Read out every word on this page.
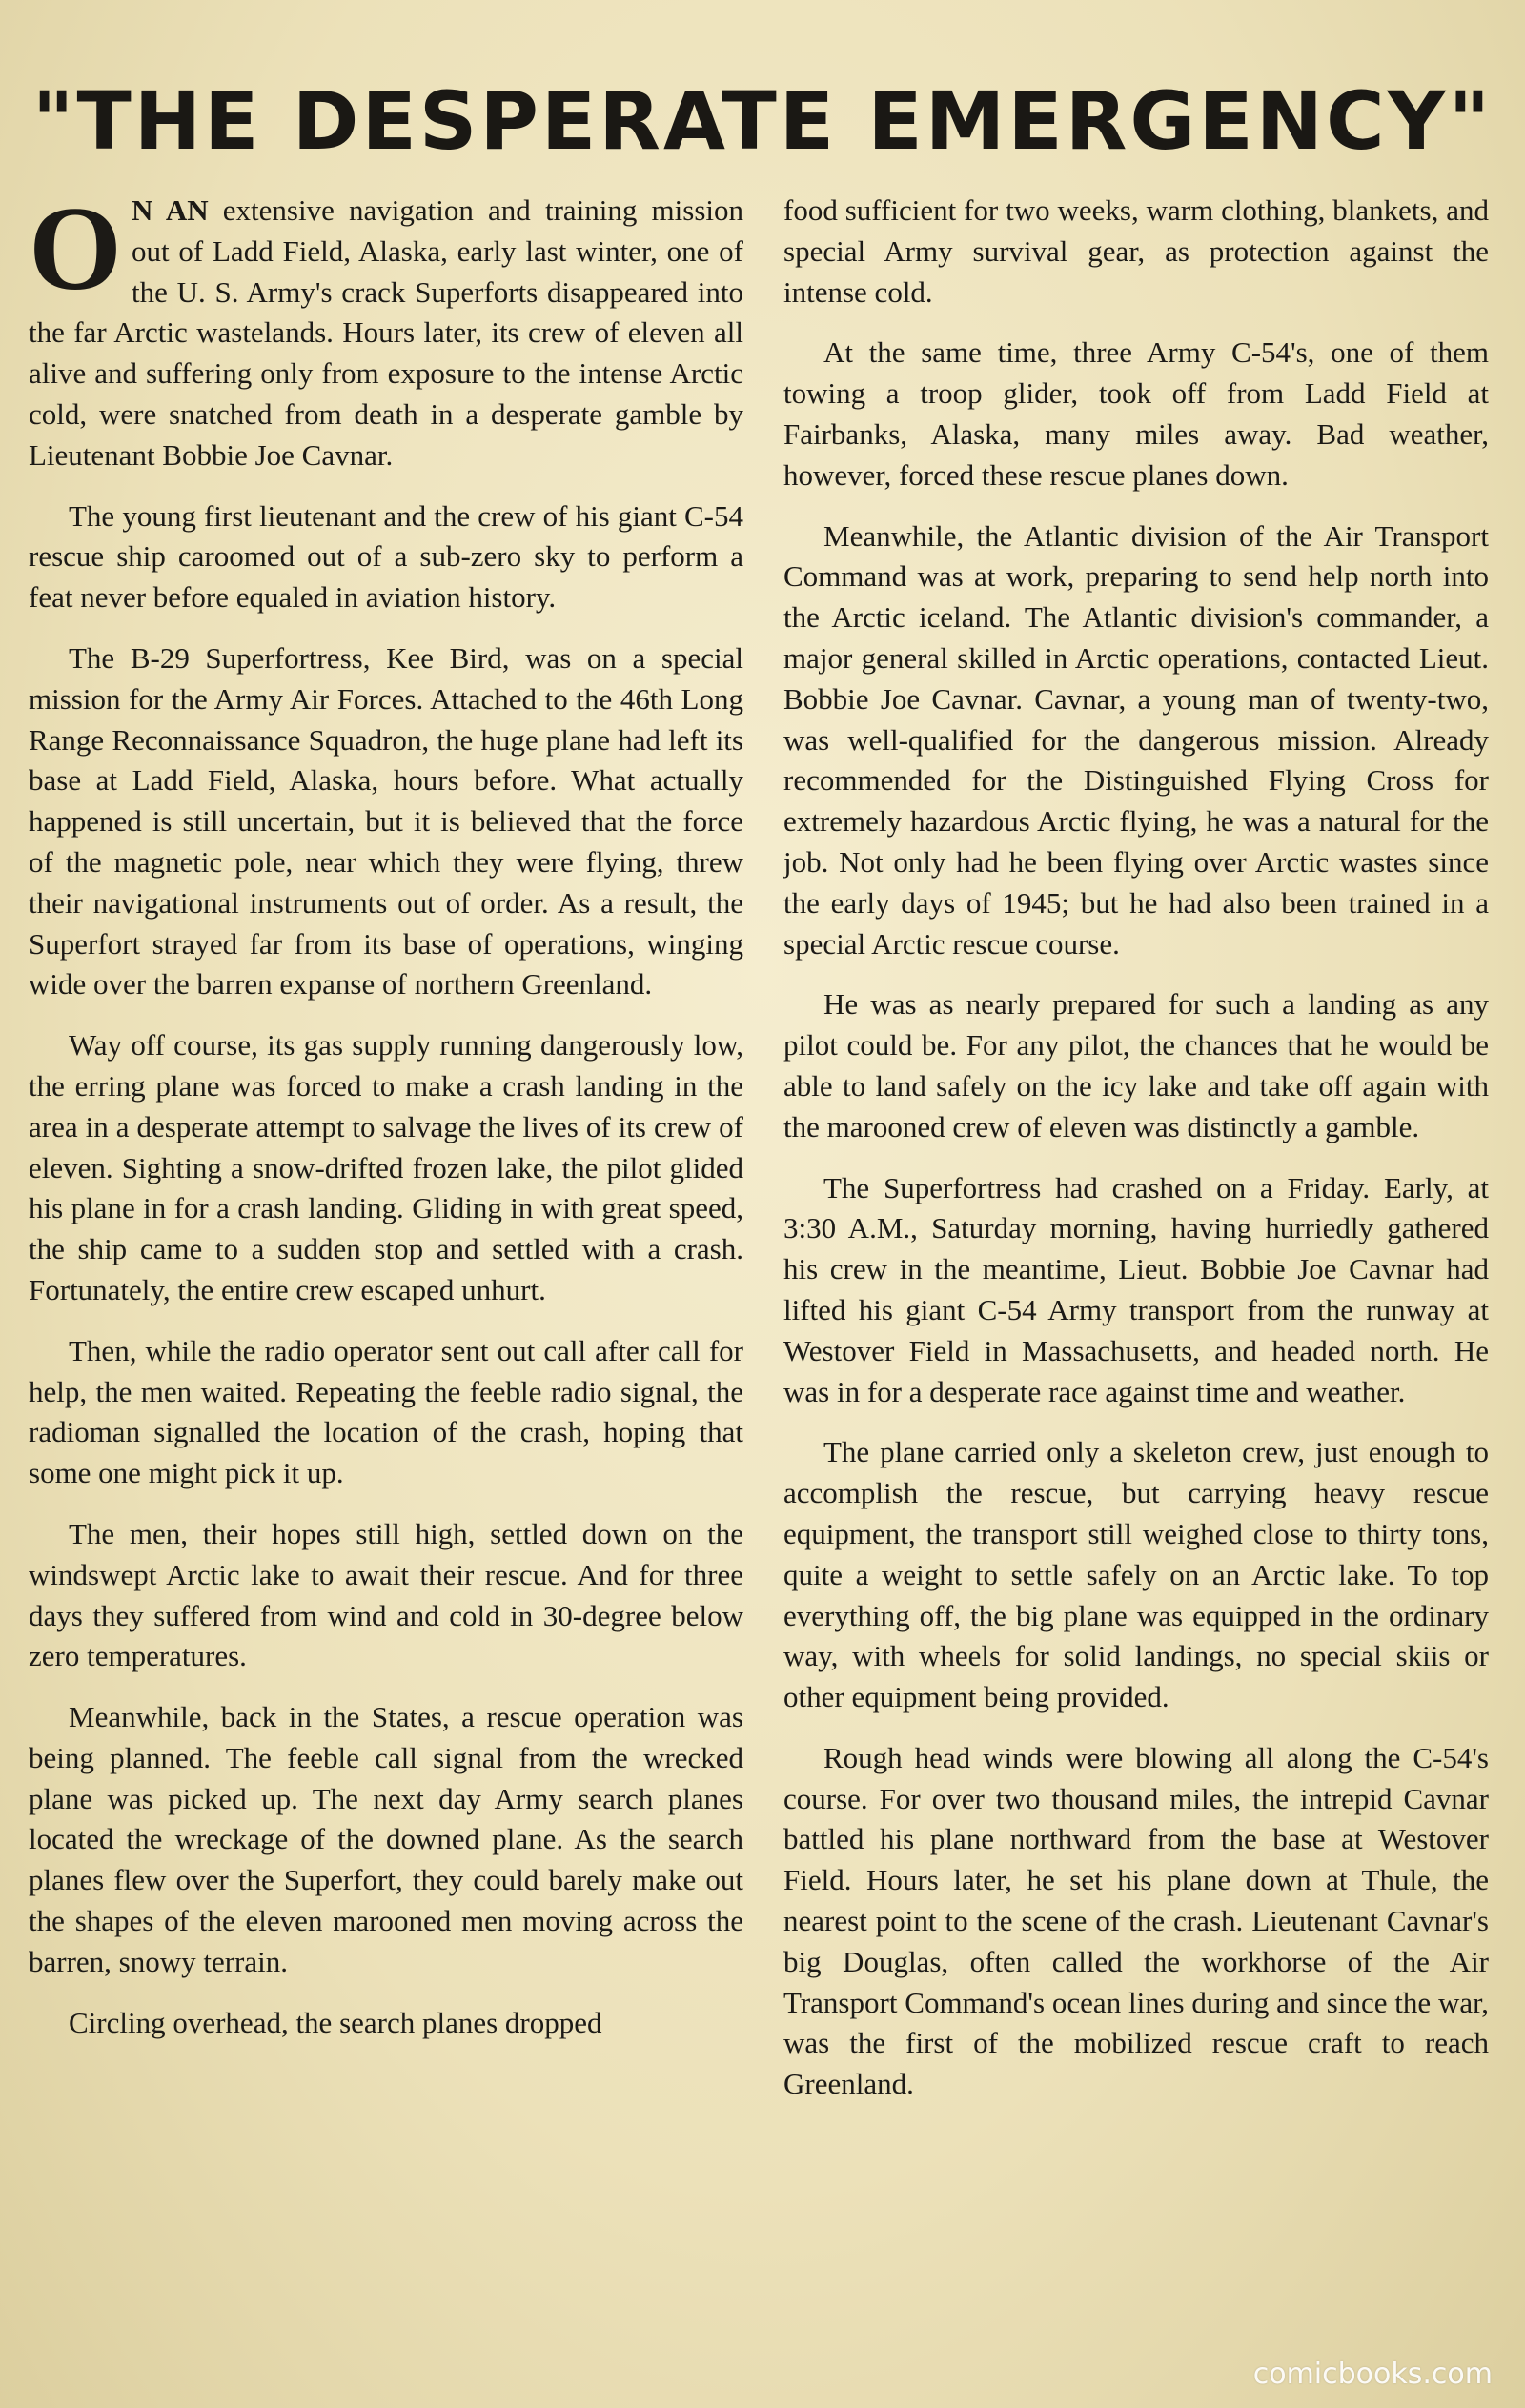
"THE DESPERATE EMERGENCY"

O N AN extensive navigation and training mission out of Ladd Field, Alaska, early last winter, one of the U. S. Army's crack Superforts disappeared into the far Arctic wastelands. Hours later, its crew of eleven all alive and suffering only from exposure to the intense Arctic cold, were snatched from death in a desperate gamble by Lieutenant Bobbie Joe Cavnar.

The young first lieutenant and the crew of his giant C-54 rescue ship caroomed out of a sub-zero sky to perform a feat never before equaled in aviation history.

The B-29 Superfortress, Kee Bird, was on a special mission for the Army Air Forces. Attached to the 46th Long Range Reconnaissance Squadron, the huge plane had left its base at Ladd Field, Alaska, hours before. What actually happened is still uncertain, but it is believed that the force of the magnetic pole, near which they were flying, threw their navigational instruments out of order. As a result, the Superfort strayed far from its base of operations, winging wide over the barren expanse of northern Greenland.

Way off course, its gas supply running dangerously low, the erring plane was forced to make a crash landing in the area in a desperate attempt to salvage the lives of its crew of eleven. Sighting a snow-drifted frozen lake, the pilot glided his plane in for a crash landing. Gliding in with great speed, the ship came to a sudden stop and settled with a crash. Fortunately, the entire crew escaped unhurt.

Then, while the radio operator sent out call after call for help, the men waited. Repeating the feeble radio signal, the radioman signalled the location of the crash, hoping that some one might pick it up.

The men, their hopes still high, settled down on the windswept Arctic lake to await their rescue. And for three days they suffered from wind and cold in 30-degree below zero temperatures.

Meanwhile, back in the States, a rescue operation was being planned. The feeble call signal from the wrecked plane was picked up. The next day Army search planes located the wreckage of the downed plane. As the search planes flew over the Superfort, they could barely make out the shapes of the eleven marooned men moving across the barren, snowy terrain.

Circling overhead, the search planes dropped

food sufficient for two weeks, warm clothing, blankets, and special Army survival gear, as protection against the intense cold.

At the same time, three Army C-54's, one of them towing a troop glider, took off from Ladd Field at Fairbanks, Alaska, many miles away. Bad weather, however, forced these rescue planes down.

Meanwhile, the Atlantic division of the Air Transport Command was at work, preparing to send help north into the Arctic iceland. The Atlantic division's commander, a major general skilled in Arctic operations, contacted Lieut. Bobbie Joe Cavnar. Cavnar, a young man of twenty-two, was well-qualified for the dangerous mission. Already recommended for the Distinguished Flying Cross for extremely hazardous Arctic flying, he was a natural for the job. Not only had he been flying over Arctic wastes since the early days of 1945; but he had also been trained in a special Arctic rescue course.

He was as nearly prepared for such a landing as any pilot could be. For any pilot, the chances that he would be able to land safely on the icy lake and take off again with the marooned crew of eleven was distinctly a gamble.

The Superfortress had crashed on a Friday. Early, at 3:30 A.M., Saturday morning, having hurriedly gathered his crew in the meantime, Lieut. Bobbie Joe Cavnar had lifted his giant C-54 Army transport from the runway at Westover Field in Massachusetts, and headed north. He was in for a desperate race against time and weather.

The plane carried only a skeleton crew, just enough to accomplish the rescue, but carrying heavy rescue equipment, the transport still weighed close to thirty tons, quite a weight to settle safely on an Arctic lake. To top everything off, the big plane was equipped in the ordinary way, with wheels for solid landings, no special skiis or other equipment being provided.

Rough head winds were blowing all along the C-54's course. For over two thousand miles, the intrepid Cavnar battled his plane northward from the base at Westover Field. Hours later, he set his plane down at Thule, the nearest point to the scene of the crash. Lieutenant Cavnar's big Douglas, often called the workhorse of the Air Transport Command's ocean lines during and since the war, was the first of the mobilized rescue craft to reach Greenland.

comicbooks.com
